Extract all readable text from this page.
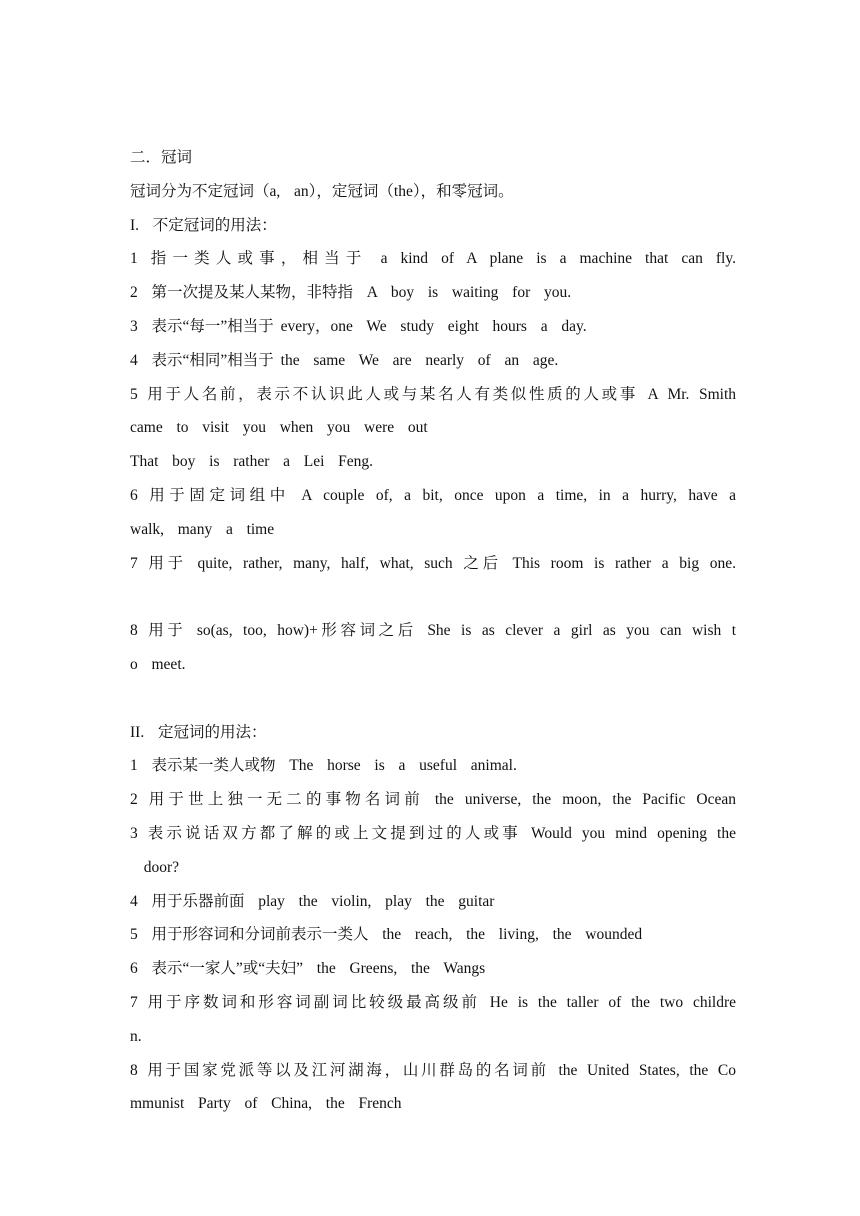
二．冠词
冠词分为不定冠词（a,  an），定冠词（the），和零冠词。
I.  不定冠词的用法：
1 指一类人或事，相当于 a kind of A plane is a machine that can fly.
2  第一次提及某人某物，非特指  A  boy  is  waiting  for  you.
3  表示“每一”相当于 every，one  We  study  eight  hours  a  day.
4  表示“相同”相当于 the  same  We  are  nearly  of  an  age.
5 用于人名前，表示不认识此人或与某名人有类似性质的人或事 A Mr. Smith
came  to  visit  you  when  you  were  out
That  boy  is  rather  a  Lei  Feng.
6 用于固定词组中 A couple of, a bit, once upon a time, in a hurry, have a
walk,  many  a  time
7 用于 quite, rather, many, half, what, such 之后 This room is rather a big one.
8 用于 so(as, too, how)+形容词之后 She is as clever a girl as you can wish t
o  meet.
II.  定冠词的用法：
1  表示某一类人或物  The  horse  is  a  useful  animal.
2 用于世上独一无二的事物名词前 the universe, the moon, the Pacific Ocean
3 表示说话双方都了解的或上文提到过的人或事 Would you mind opening the
door?
4  用于乐器前面  play  the  violin,  play  the  guitar
5  用于形容词和分词前表示一类人  the  reach,  the  living,  the  wounded
6  表示“一家人”或“夫妇”  the  Greens,  the  Wangs
7 用于序数词和形容词副词比较级最高级前 He is the taller of the two childre
n.
8 用于国家党派等以及江河湖海，山川群岛的名词前 the United States, the Co
mmunist  Party  of  China,  the  French
